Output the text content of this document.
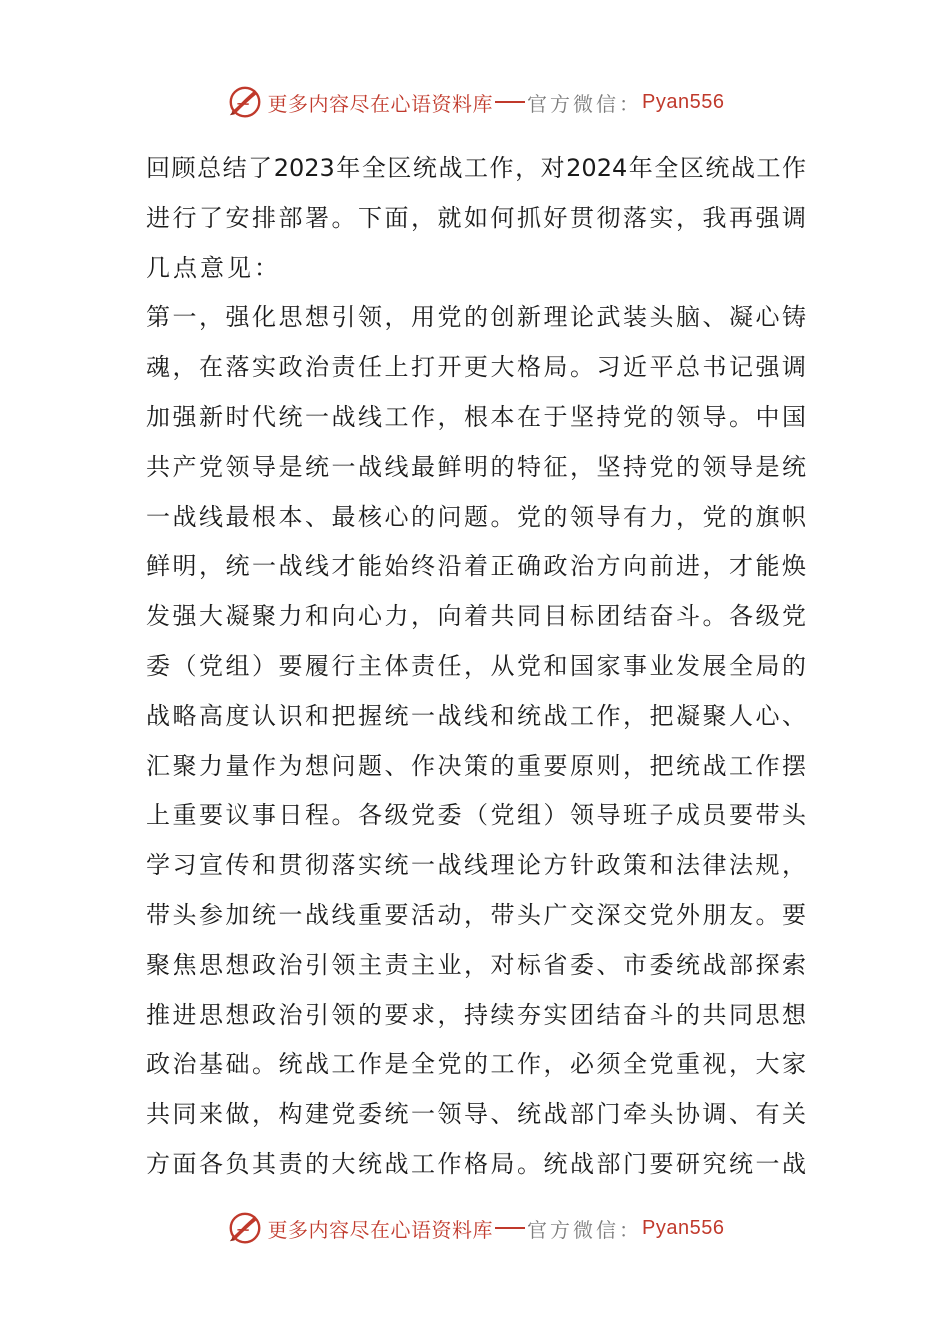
更多内容尽在心语资料库 官方微信： Pyan556
回顾总结了2023年全区统战工作，对2024年全区统战工作
进行了安排部署。下面，就如何抓好贯彻落实，我再强调
几点意见：
第一，强化思想引领，用党的创新理论武装头脑、凝心铸
魂，在落实政治责任上打开更大格局。习近平总书记强调
加强新时代统一战线工作，根本在于坚持党的领导。中国
共产党领导是统一战线最鲜明的特征，坚持党的领导是统
一战线最根本、最核心的问题。党的领导有力，党的旗帜
鲜明，统一战线才能始终沿着正确政治方向前进，才能焕
发强大凝聚力和向心力，向着共同目标团结奋斗。各级党
委（党组）要履行主体责任，从党和国家事业发展全局的
战略高度认识和把握统一战线和统战工作，把凝聚人心、
汇聚力量作为想问题、作决策的重要原则，把统战工作摆
上重要议事日程。各级党委（党组）领导班子成员要带头
学习宣传和贯彻落实统一战线理论方针政策和法律法规，
带头参加统一战线重要活动，带头广交深交党外朋友。要
聚焦思想政治引领主责主业，对标省委、市委统战部探索
推进思想政治引领的要求，持续夯实团结奋斗的共同思想
政治基础。统战工作是全党的工作，必须全党重视，大家
共同来做，构建党委统一领导、统战部门牵头协调、有关
方面各负其责的大统战工作格局。统战部门要研究统一战
更多内容尽在心语资料库 官方微信： Pyan556
